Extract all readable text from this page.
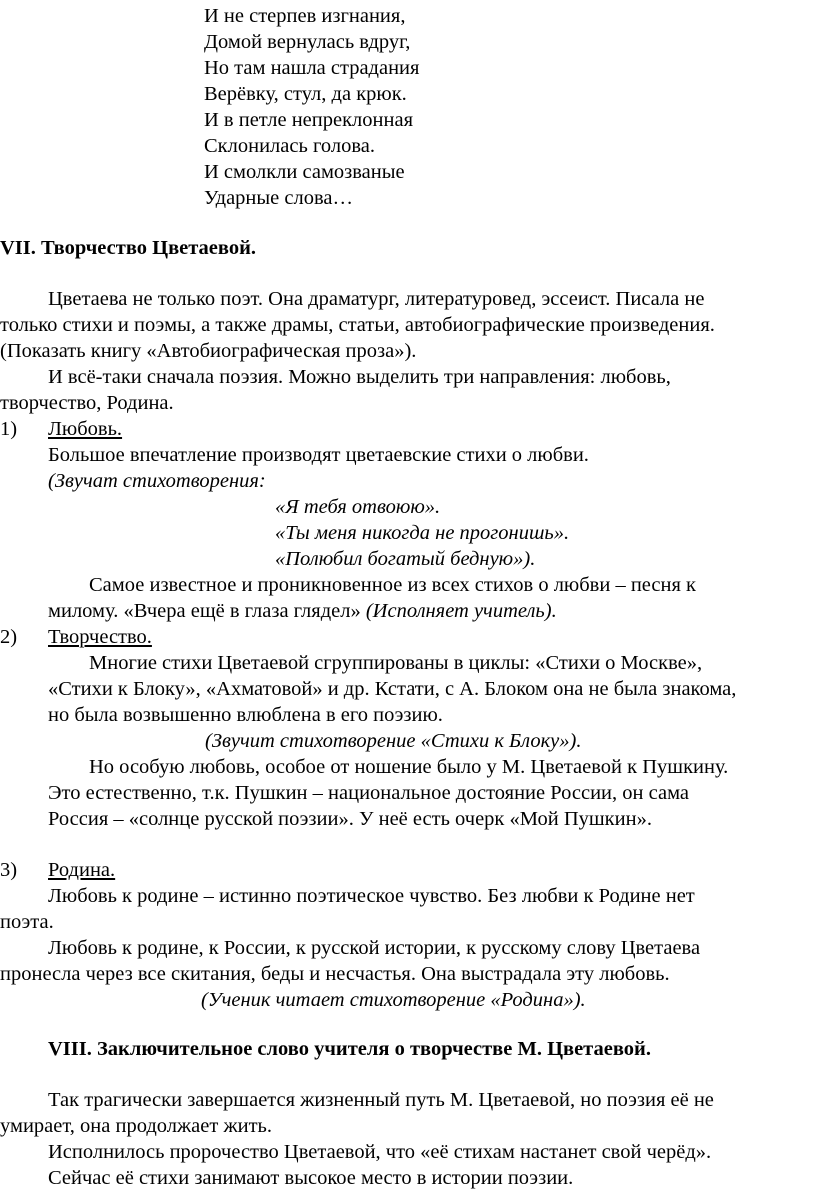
И не стерпев изгнания,
Домой вернулась вдруг,
Но там нашла страдания
Верёвку, стул, да крюк.
И в петле непреклонная
Склонилась голова.
И смолкли самозваные
Ударные слова…
VII. Творчество Цветаевой.
Цветаева не только поэт. Она драматург, литературовед, эссеист. Писала не
только стихи и поэмы, а также драмы, статьи, автобиографические произведения.
(Показать книгу «Автобиографическая проза»).
И всё-таки сначала поэзия. Можно выделить три направления: любовь,
творчество, Родина.
1) Любовь.
Большое впечатление производят цветаевские стихи о любви.
(Звучат стихотворения:
«Я тебя отвоюю».
«Ты меня никогда не прогонишь».
«Полюбил богатый бедную»).
Самое известное и проникновенное из всех стихов о любви – песня к
милому. «Вчера ещё в глаза глядел» (Исполняет учитель).
2) Творчество.
Многие стихи Цветаевой сгруппированы в циклы: «Стихи о Москве»,
«Стихи к Блоку», «Ахматовой» и др. Кстати, с А. Блоком она не была знакома,
но была возвышенно влюблена в его поэзию.
(Звучит стихотворение «Стихи к Блоку»).
Но особую любовь, особое от ношение было у М. Цветаевой к Пушкину.
Это естественно, т.к. Пушкин – национальное достояние России, он сама
Россия – «солнце русской поэзии». У неё есть очерк «Мой Пушкин».
3) Родина.
Любовь к родине – истинно поэтическое чувство. Без любви к Родине нет
поэта.
Любовь к родине, к России, к русской истории, к русскому слову Цветаева
пронесла через все скитания, беды и несчастья. Она выстрадала эту любовь.
(Ученик читает стихотворение «Родина»).
VIII. Заключительное слово учителя о творчестве М. Цветаевой.
Так трагически завершается жизненный путь М. Цветаевой, но поэзия её не
умирает, она продолжает жить.
Исполнилось пророчество Цветаевой, что «её стихам настанет свой черёд».
Сейчас её стихи занимают высокое место в истории поэзии.
